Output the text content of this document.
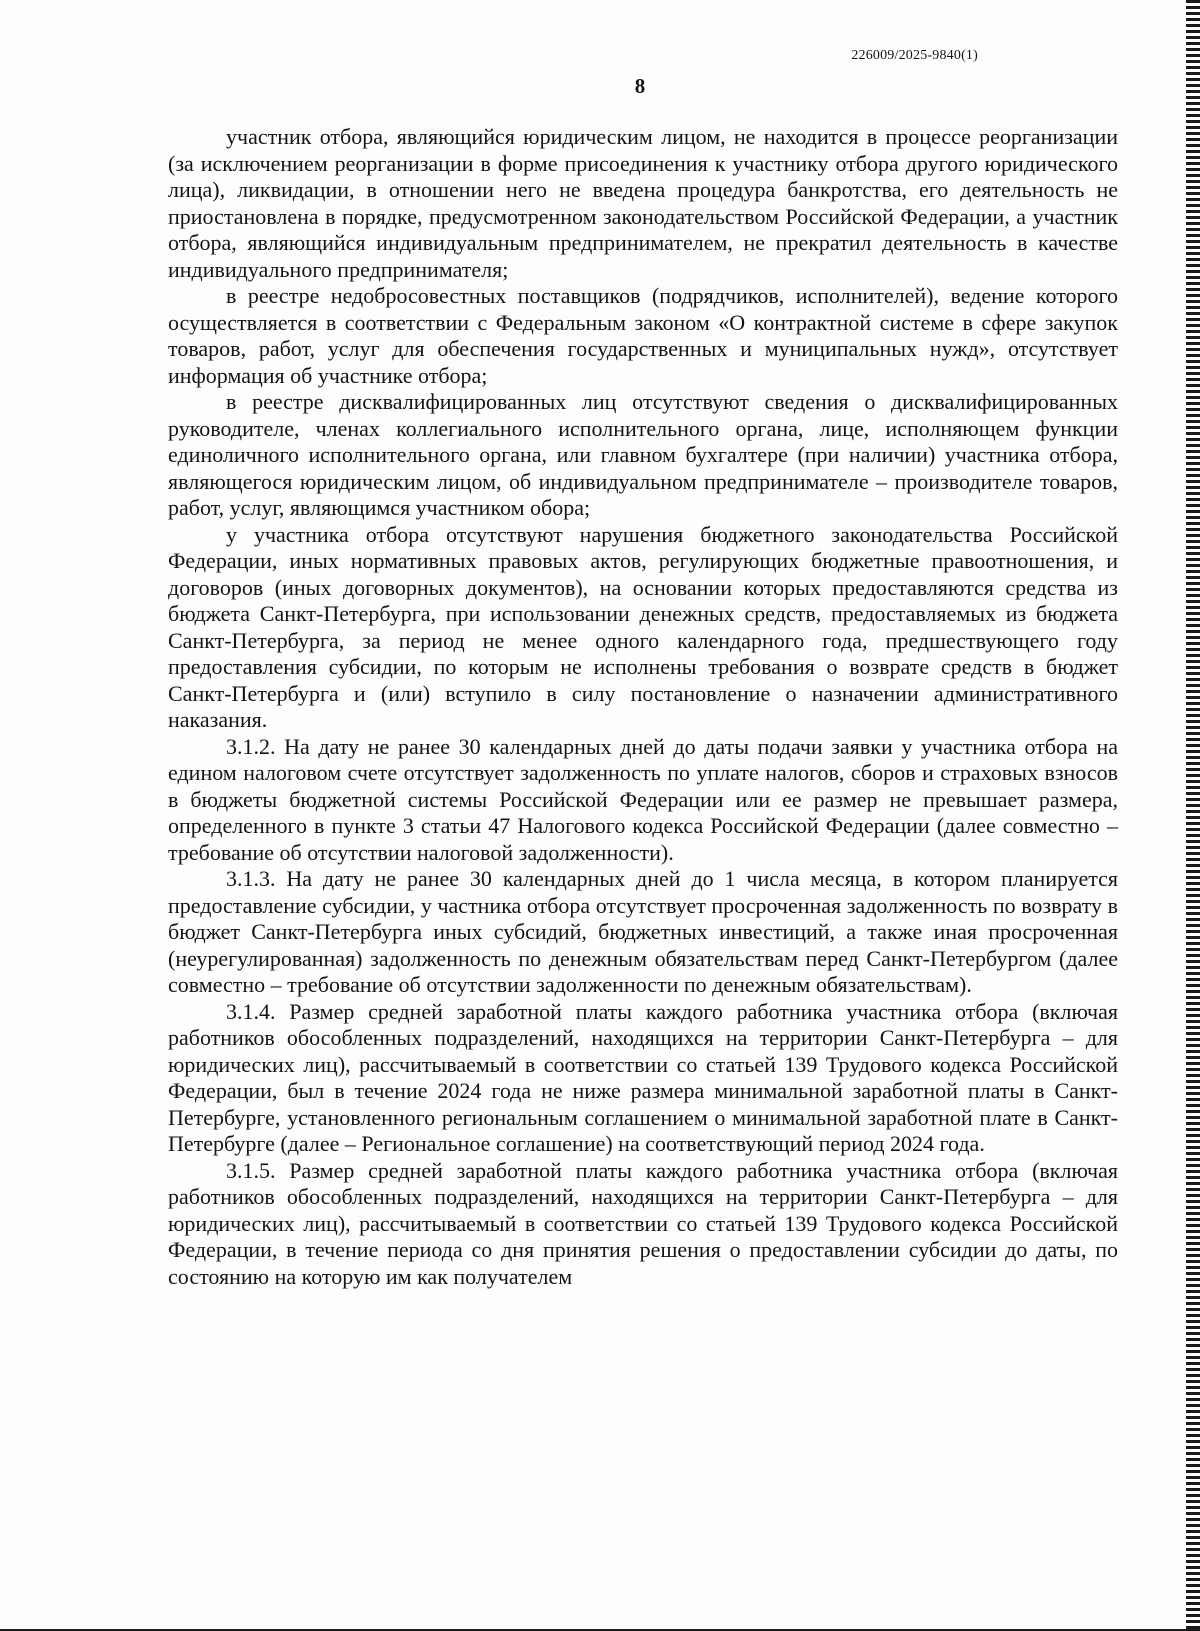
226009/2025-9840(1)
8

участник отбора, являющийся юридическим лицом, не находится в процессе реорганизации (за исключением реорганизации в форме присоединения к участнику отбора другого юридического лица), ликвидации, в отношении него не введена процедура банкротства, его деятельность не приостановлена в порядке, предусмотренном законодательством Российской Федерации, а участник отбора, являющийся индивидуальным предпринимателем, не прекратил деятельность в качестве индивидуального предпринимателя;

в реестре недобросовестных поставщиков (подрядчиков, исполнителей), ведение которого осуществляется в соответствии с Федеральным законом «О контрактной системе в сфере закупок товаров, работ, услуг для обеспечения государственных и муниципальных нужд», отсутствует информация об участнике отбора;

в реестре дисквалифицированных лиц отсутствуют сведения о дисквалифицированных руководителе, членах коллегиального исполнительного органа, лице, исполняющем функции единоличного исполнительного органа, или главном бухгалтере (при наличии) участника отбора, являющегося юридическим лицом, об индивидуальном предпринимателе – производителе товаров, работ, услуг, являющимся участником обора;

у участника отбора отсутствуют нарушения бюджетного законодательства Российской Федерации, иных нормативных правовых актов, регулирующих бюджетные правоотношения, и договоров (иных договорных документов), на основании которых предоставляются средства из бюджета Санкт-Петербурга, при использовании денежных средств, предоставляемых из бюджета Санкт-Петербурга, за период не менее одного календарного года, предшествующего году предоставления субсидии, по которым не исполнены требования о возврате средств в бюджет Санкт-Петербурга и (или) вступило в силу постановление о назначении административного наказания.

3.1.2. На дату не ранее 30 календарных дней до даты подачи заявки у участника отбора на едином налоговом счете отсутствует задолженность по уплате налогов, сборов и страховых взносов в бюджеты бюджетной системы Российской Федерации или ее размер не превышает размера, определенного в пункте 3 статьи 47 Налогового кодекса Российской Федерации (далее совместно – требование об отсутствии налоговой задолженности).

3.1.3. На дату не ранее 30 календарных дней до 1 числа месяца, в котором планируется предоставление субсидии, у частника отбора отсутствует просроченная задолженность по возврату в бюджет Санкт-Петербурга иных субсидий, бюджетных инвестиций, а также иная просроченная (неурегулированная) задолженность по денежным обязательствам перед Санкт-Петербургом (далее совместно – требование об отсутствии задолженности по денежным обязательствам).

3.1.4. Размер средней заработной платы каждого работника участника отбора (включая работников обособленных подразделений, находящихся на территории Санкт-Петербурга – для юридических лиц), рассчитываемый в соответствии со статьей 139 Трудового кодекса Российской Федерации, был в течение 2024 года не ниже размера минимальной заработной платы в Санкт-Петербурге, установленного региональным соглашением о минимальной заработной плате в Санкт-Петербурге (далее – Региональное соглашение) на соответствующий период 2024 года.

3.1.5. Размер средней заработной платы каждого работника участника отбора (включая работников обособленных подразделений, находящихся на территории Санкт-Петербурга – для юридических лиц), рассчитываемый в соответствии со статьей 139 Трудового кодекса Российской Федерации, в течение периода со дня принятия решения о предоставлении субсидии до даты, по состоянию на которую им как получателем
